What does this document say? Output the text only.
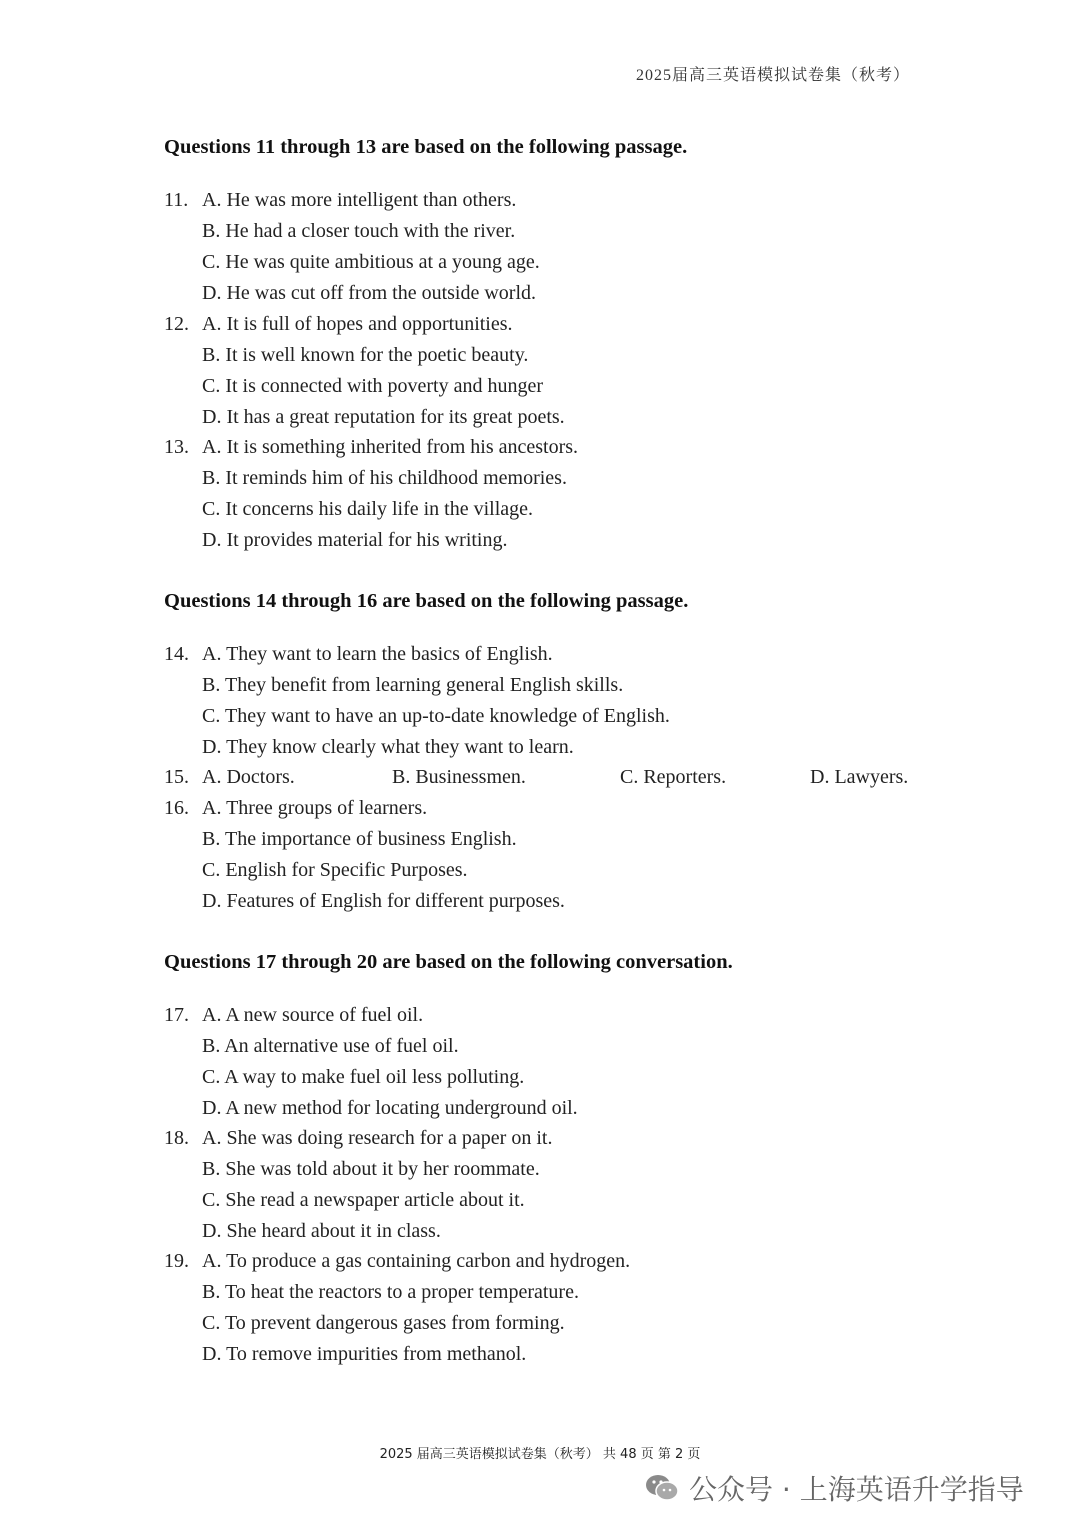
2025届高三英语模拟试卷集（秋考）
Questions 11 through 13 are based on the following passage.
11. A. He was more intelligent than others.
B. He had a closer touch with the river.
C. He was quite ambitious at a young age.
D. He was cut off from the outside world.
12. A. It is full of hopes and opportunities.
B. It is well known for the poetic beauty.
C. It is connected with poverty and hunger
D. It has a great reputation for its great poets.
13. A. It is something inherited from his ancestors.
B. It reminds him of his childhood memories.
C. It concerns his daily life in the village.
D. It provides material for his writing.
Questions 14 through 16 are based on the following passage.
14. A. They want to learn the basics of English.
B. They benefit from learning general English skills.
C. They want to have an up-to-date knowledge of English.
D. They know clearly what they want to learn.
15. A. Doctors.	B. Businessmen.	C. Reporters.	D. Lawyers.
16. A. Three groups of learners.
B. The importance of business English.
C. English for Specific Purposes.
D. Features of English for different purposes.
Questions 17 through 20 are based on the following conversation.
17. A. A new source of fuel oil.
B. An alternative use of fuel oil.
C. A way to make fuel oil less polluting.
D. A new method for locating underground oil.
18. A. She was doing research for a paper on it.
B. She was told about it by her roommate.
C. She read a newspaper article about it.
D. She heard about it in class.
19. A. To produce a gas containing carbon and hydrogen.
B. To heat the reactors to a proper temperature.
C. To prevent dangerous gases from forming.
D. To remove impurities from methanol.
2025 届高三英语模拟试卷集（秋考） 共 48 页 第 2 页
公众号 · 上海英语升学指导
